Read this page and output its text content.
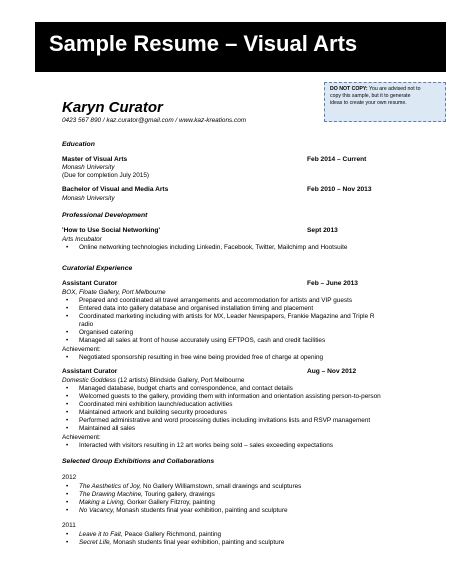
Sample Resume – Visual Arts
DO NOT COPY: You are advised not to
copy this sample, but it to generate
ideas to create your own resume.
Karyn Curator
0423 567 890 / kaz.curator@gmail.com / www.kaz-kreations.com
Education
Master of Visual Arts	Feb 2014 – Current
Monash University
(Due for completion July 2015)
Bachelor of Visual and Media Arts	Feb 2010 – Nov 2013
Monash University
Professional Development
'How to Use Social Networking'	Sept 2013
Arts Incubator
• Online networking technologies including Linkedin, Facebook, Twitter, Mailchimp and Hootsuite
Curatorial Experience
Assistant Curator	Feb – June 2013
BOX, Floate Gallery, Port Melbourne
• Prepared and coordinated all travel arrangements and accommodation for artists and VIP guests
• Entered data into gallery database and organised installation timing and placement
• Coordinated marketing including with artists for MX, Leader Newspapers, Frankie Magazine and Triple R
radio
• Organised catering
• Managed all sales at front of house accurately using EFTPOS, cash and credit facilities
Achievement:
• Negotiated sponsorship resulting in free wine being provided free of charge at opening
Assistant Curator	Aug – Nov 2012
Domestic Goddess (12 artists) Blindside Gallery, Port Melbourne
• Managed database, budget charts and correspondence, and contact details
• Welcomed guests to the gallery, providing them with information and orientation assisting person-to-person
• Coordinated mini exhibition launch/education activities
• Maintained artwork and building security procedures
• Performed administrative and word processing duties including invitations lists and RSVP management
• Maintained all sales
Achievement:
• Interacted with visitors resulting in 12 art works being sold – sales exceeding expectations
Selected Group Exhibitions and Collaborations
2012
• The Aesthetics of Joy, No Gallery Williamstown, small drawings and sculptures
• The Drawing Machine, Touring gallery, drawings
• Making a Living, Gorker Gallery Fitzroy, painting
• No Vacancy, Monash students final year exhibition, painting and sculpture
2011
• Leave it to Fait, Peace Gallery Richmond, painting
• Secret Life, Monash students final year exhibition, painting and sculpture
